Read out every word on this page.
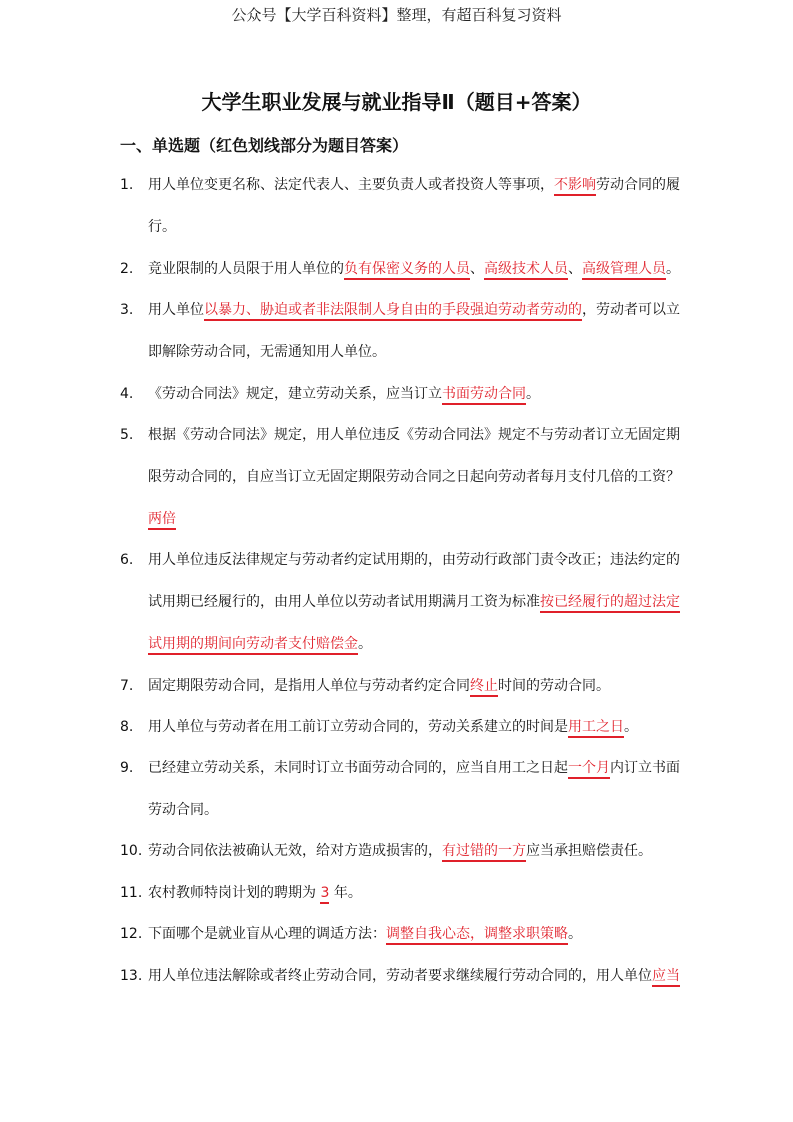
公众号【大学百科资料】整理，有超百科复习资料
大学生职业发展与就业指导Ⅱ（题目+答案）
一、单选题（红色划线部分为题目答案）
1. 用人单位变更名称、法定代表人、主要负责人或者投资人等事项，不影响劳动合同的履行。
2. 竞业限制的人员限于用人单位的负有保密义务的人员、高级技术人员、高级管理人员。
3. 用人单位以暴力、胁迫或者非法限制人身自由的手段强迫劳动者劳动的，劳动者可以立即解除劳动合同，无需通知用人单位。
4. 《劳动合同法》规定，建立劳动关系，应当订立书面劳动合同。
5. 根据《劳动合同法》规定，用人单位违反《劳动合同法》规定不与劳动者订立无固定期限劳动合同的，自应当订立无固定期限劳动合同之日起向劳动者每月支付几倍的工资？两倍
6. 用人单位违反法律规定与劳动者约定试用期的，由劳动行政部门责令改正；违法约定的试用期已经履行的，由用人单位以劳动者试用期满月工资为标准按已经履行的超过法定试用期的期间向劳动者支付赔偿金。
7. 固定期限劳动合同，是指用人单位与劳动者约定合同终止时间的劳动合同。
8. 用人单位与劳动者在用工前订立劳动合同的，劳动关系建立的时间是用工之日。
9. 已经建立劳动关系，未同时订立书面劳动合同的，应当自用工之日起一个月内订立书面劳动合同。
10. 劳动合同依法被确认无效，给对方造成损害的，有过错的一方应当承担赔偿责任。
11. 农村教师特岗计划的聘期为 3 年。
12. 下面哪个是就业盲从心理的调适方法：调整自我心态，调整求职策略。
13. 用人单位违法解除或者终止劳动合同，劳动者要求继续履行劳动合同的，用人单位应当
